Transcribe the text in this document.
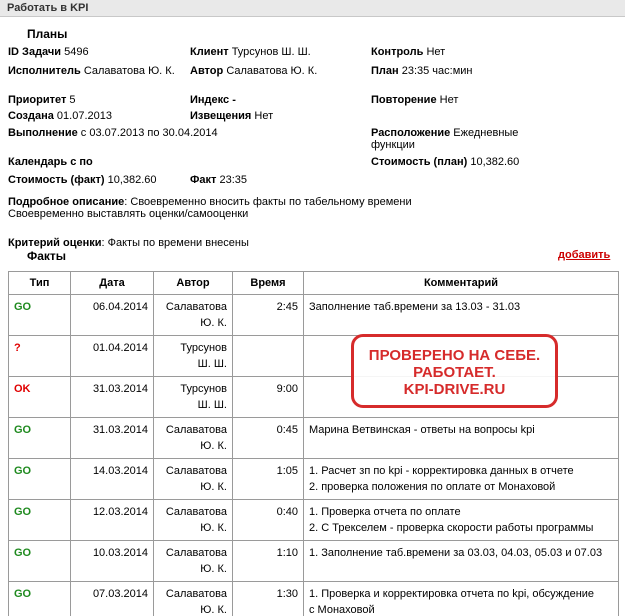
Работать в KPI
Планы
ID Задачи 5496	Клиент Турсунов Ш. Ш.	Контроль Нет
Исполнитель Салаватова Ю. К.	Автор Салаватова Ю. К.	План 23:35 час:мин
Приоритет 5	Индекс -	Повторение Нет
Создана 01.07.2013	Извещения Нет
Выполнение с 03.07.2013 по 30.04.2014	Расположение Ежедневные функции
Календарь с по	Стоимость (план) 10,382.60
Стоимость (факт) 10,382.60	Факт 23:35
Подробное описание: Своевременно вносить факты по табельному времени
Своевременно выставлять оценки/самооценки
Критерий оценки: Факты по времени внесены
Факты	добавить
Тип	Дата	Автор	Время	Комментарий
GO	06.04.2014	Салаватова
Ю. К.	2:45	Заполнение таб.времени за 13.03 - 31.03

?	01.04.2014	Турсунов
Ш. Ш.		

OK	31.03.2014	Турсунов
Ш. Ш.	9:00	

GO	31.03.2014	Салаватова
Ю. К.	0:45	Марина Ветвинская - ответы на вопросы kpi

GO	14.03.2014	Салаватова
Ю. К.	1:05	1. Расчет зп по kpi - корректировка данных в отчете
2. проверка положения по оплате от Монаховой
GO	12.03.2014	Салаватова
Ю. К.	0:40	1. Проверка отчета по оплате
2. С Трекселем - проверка скорости работы программы
GO	10.03.2014	Салаватова
Ю. К.	1:10	1. Заполнение таб.времени за 03.03, 04.03, 05.03 и 07.03

GO	07.03.2014	Салаватова
Ю. К.	1:30	1. Проверка и корректировка отчета по kpi, обсуждение
с Монаховой
ПРОВЕРЕНО НА СЕБЕ.
РАБОТАЕТ.
KPI-DRIVE.RU
